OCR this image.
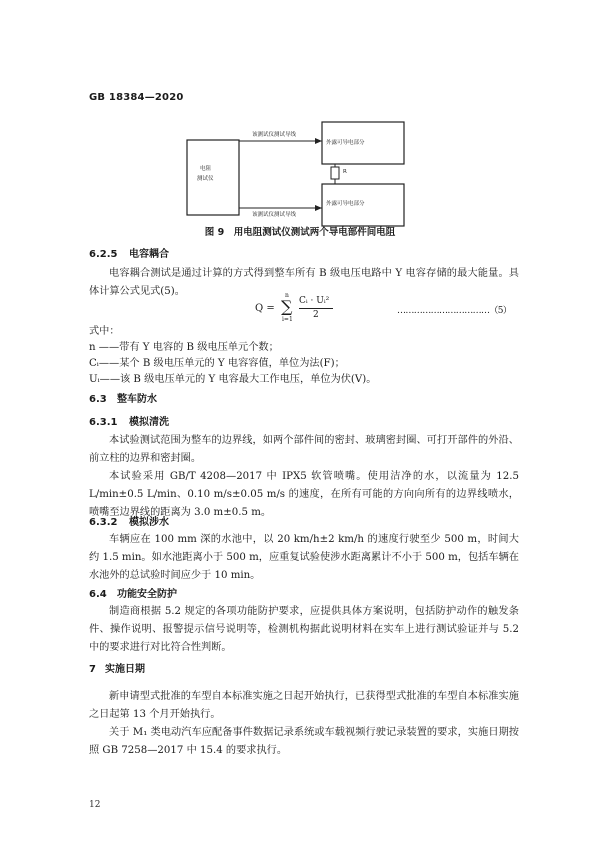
GB 18384—2020
电阻
测试仪
外露可导电部分
外露可导电部分
该测试仪测试导线
该测试仪测试导线
R
图 9　用电阻测试仪测试两个导电部件间电阻
6.2.5 电容耦合
电容耦合测试是通过计算的方式得到整车所有 B 级电压电路中 Y 电容存储的最大能量。具体计算公式见式(5)。
Q =
n
∑
i=1
Cᵢ · Uᵢ²
2	……………………………（5）
式中：
n ——带有 Y 电容的 B 级电压单元个数；
Cᵢ——某个 B 级电压单元的 Y 电容容值，单位为法(F)；
Uᵢ——该 B 级电压单元的 Y 电容最大工作电压，单位为伏(V)。
6.3 整车防水
6.3.1 模拟清洗
本试验测试范围为整车的边界线，如两个部件间的密封、玻璃密封圈、可打开部件的外沿、前立柱的边界和密封圈。
本试验采用 GB/T 4208—2017 中 IPX5 软管喷嘴。使用洁净的水，以流量为 12.5 L/min±0.5 L/min、0.10 m/s±0.05 m/s 的速度，在所有可能的方向向所有的边界线喷水，喷嘴至边界线的距离为 3.0 m±0.5 m。
6.3.2 模拟涉水
车辆应在 100 mm 深的水池中，以 20 km/h±2 km/h 的速度行驶至少 500 m，时间大约 1.5 min。如水池距离小于 500 m，应重复试验使涉水距离累计不小于 500 m，包括车辆在水池外的总试验时间应少于 10 min。
6.4 功能安全防护
制造商根据 5.2 规定的各项功能防护要求，应提供具体方案说明，包括防护动作的触发条件、操作说明、报警提示信号说明等，检测机构据此说明材料在实车上进行测试验证并与 5.2 中的要求进行对比符合性判断。
7 实施日期
新申请型式批准的车型自本标准实施之日起开始执行，已获得型式批准的车型自本标准实施之日起第 13 个月开始执行。
关于 M₁ 类电动汽车应配备事件数据记录系统或车载视频行驶记录装置的要求，实施日期按照 GB 7258—2017 中 15.4 的要求执行。
12
